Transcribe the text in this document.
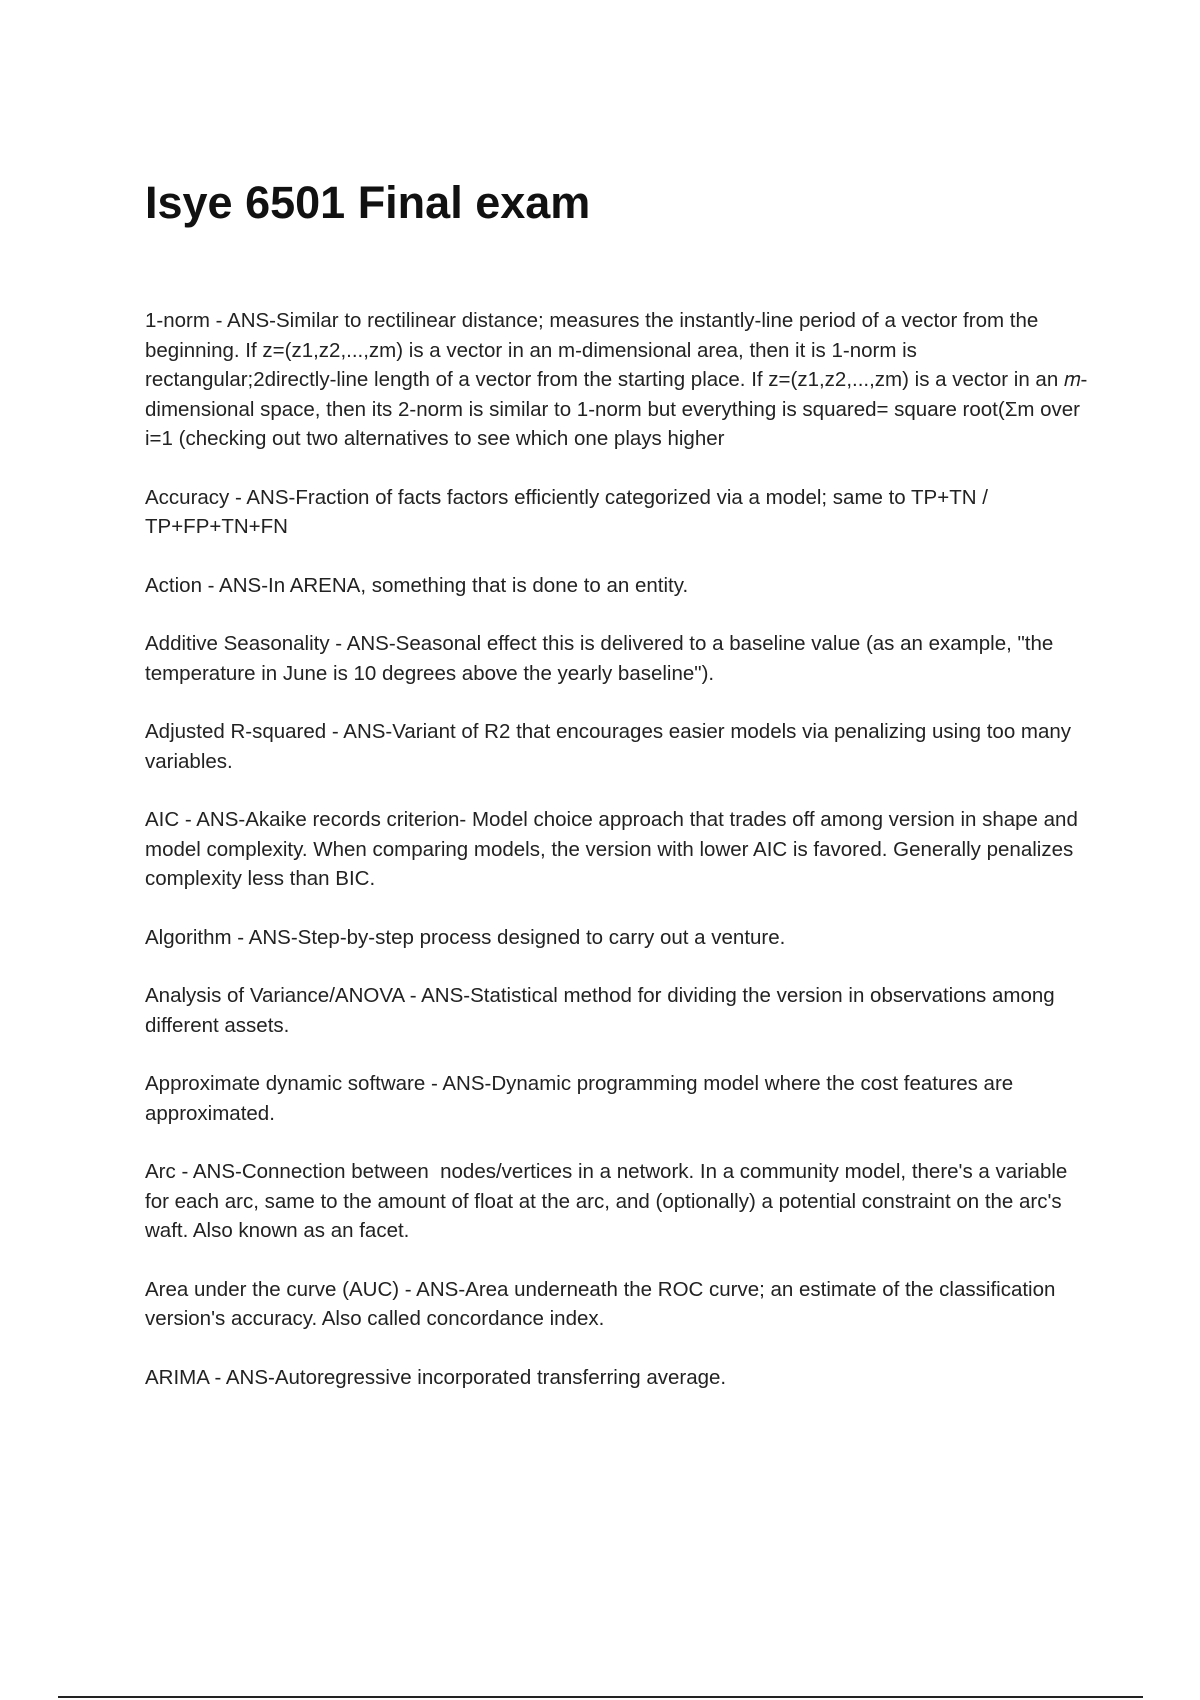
Isye 6501 Final exam
1-norm - ANS-Similar to rectilinear distance; measures the instantly-line period of a vector from the beginning. If z=(z1,z2,...,zm) is a vector in an m-dimensional area, then it is 1-norm is rectangular;2directly-line length of a vector from the starting place. If z=(z1,z2,...,zm) is a vector in an 𝑚-dimensional space, then its 2-norm is similar to 1-norm but everything is squared= square root(Σm over i=1 (checking out two alternatives to see which one plays higher
Accuracy - ANS-Fraction of facts factors efficiently categorized via a model; same to TP+TN / TP+FP+TN+FN
Action - ANS-In ARENA, something that is done to an entity.
Additive Seasonality - ANS-Seasonal effect this is delivered to a baseline value (as an example, "the temperature in June is 10 degrees above the yearly baseline").
Adjusted R-squared - ANS-Variant of R2 that encourages easier models via penalizing using too many variables.
AIC - ANS-Akaike records criterion- Model choice approach that trades off among version in shape and model complexity. When comparing models, the version with lower AIC is favored. Generally penalizes complexity less than BIC.
Algorithm - ANS-Step-by-step process designed to carry out a venture.
Analysis of Variance/ANOVA - ANS-Statistical method for dividing the version in observations among different assets.
Approximate dynamic software - ANS-Dynamic programming model where the cost features are approximated.
Arc - ANS-Connection between  nodes/vertices in a network. In a community model, there's a variable for each arc, same to the amount of float at the arc, and (optionally) a potential constraint on the arc's waft. Also known as an facet.
Area under the curve (AUC) - ANS-Area underneath the ROC curve; an estimate of the classification version's accuracy. Also called concordance index.
ARIMA - ANS-Autoregressive incorporated transferring average.
